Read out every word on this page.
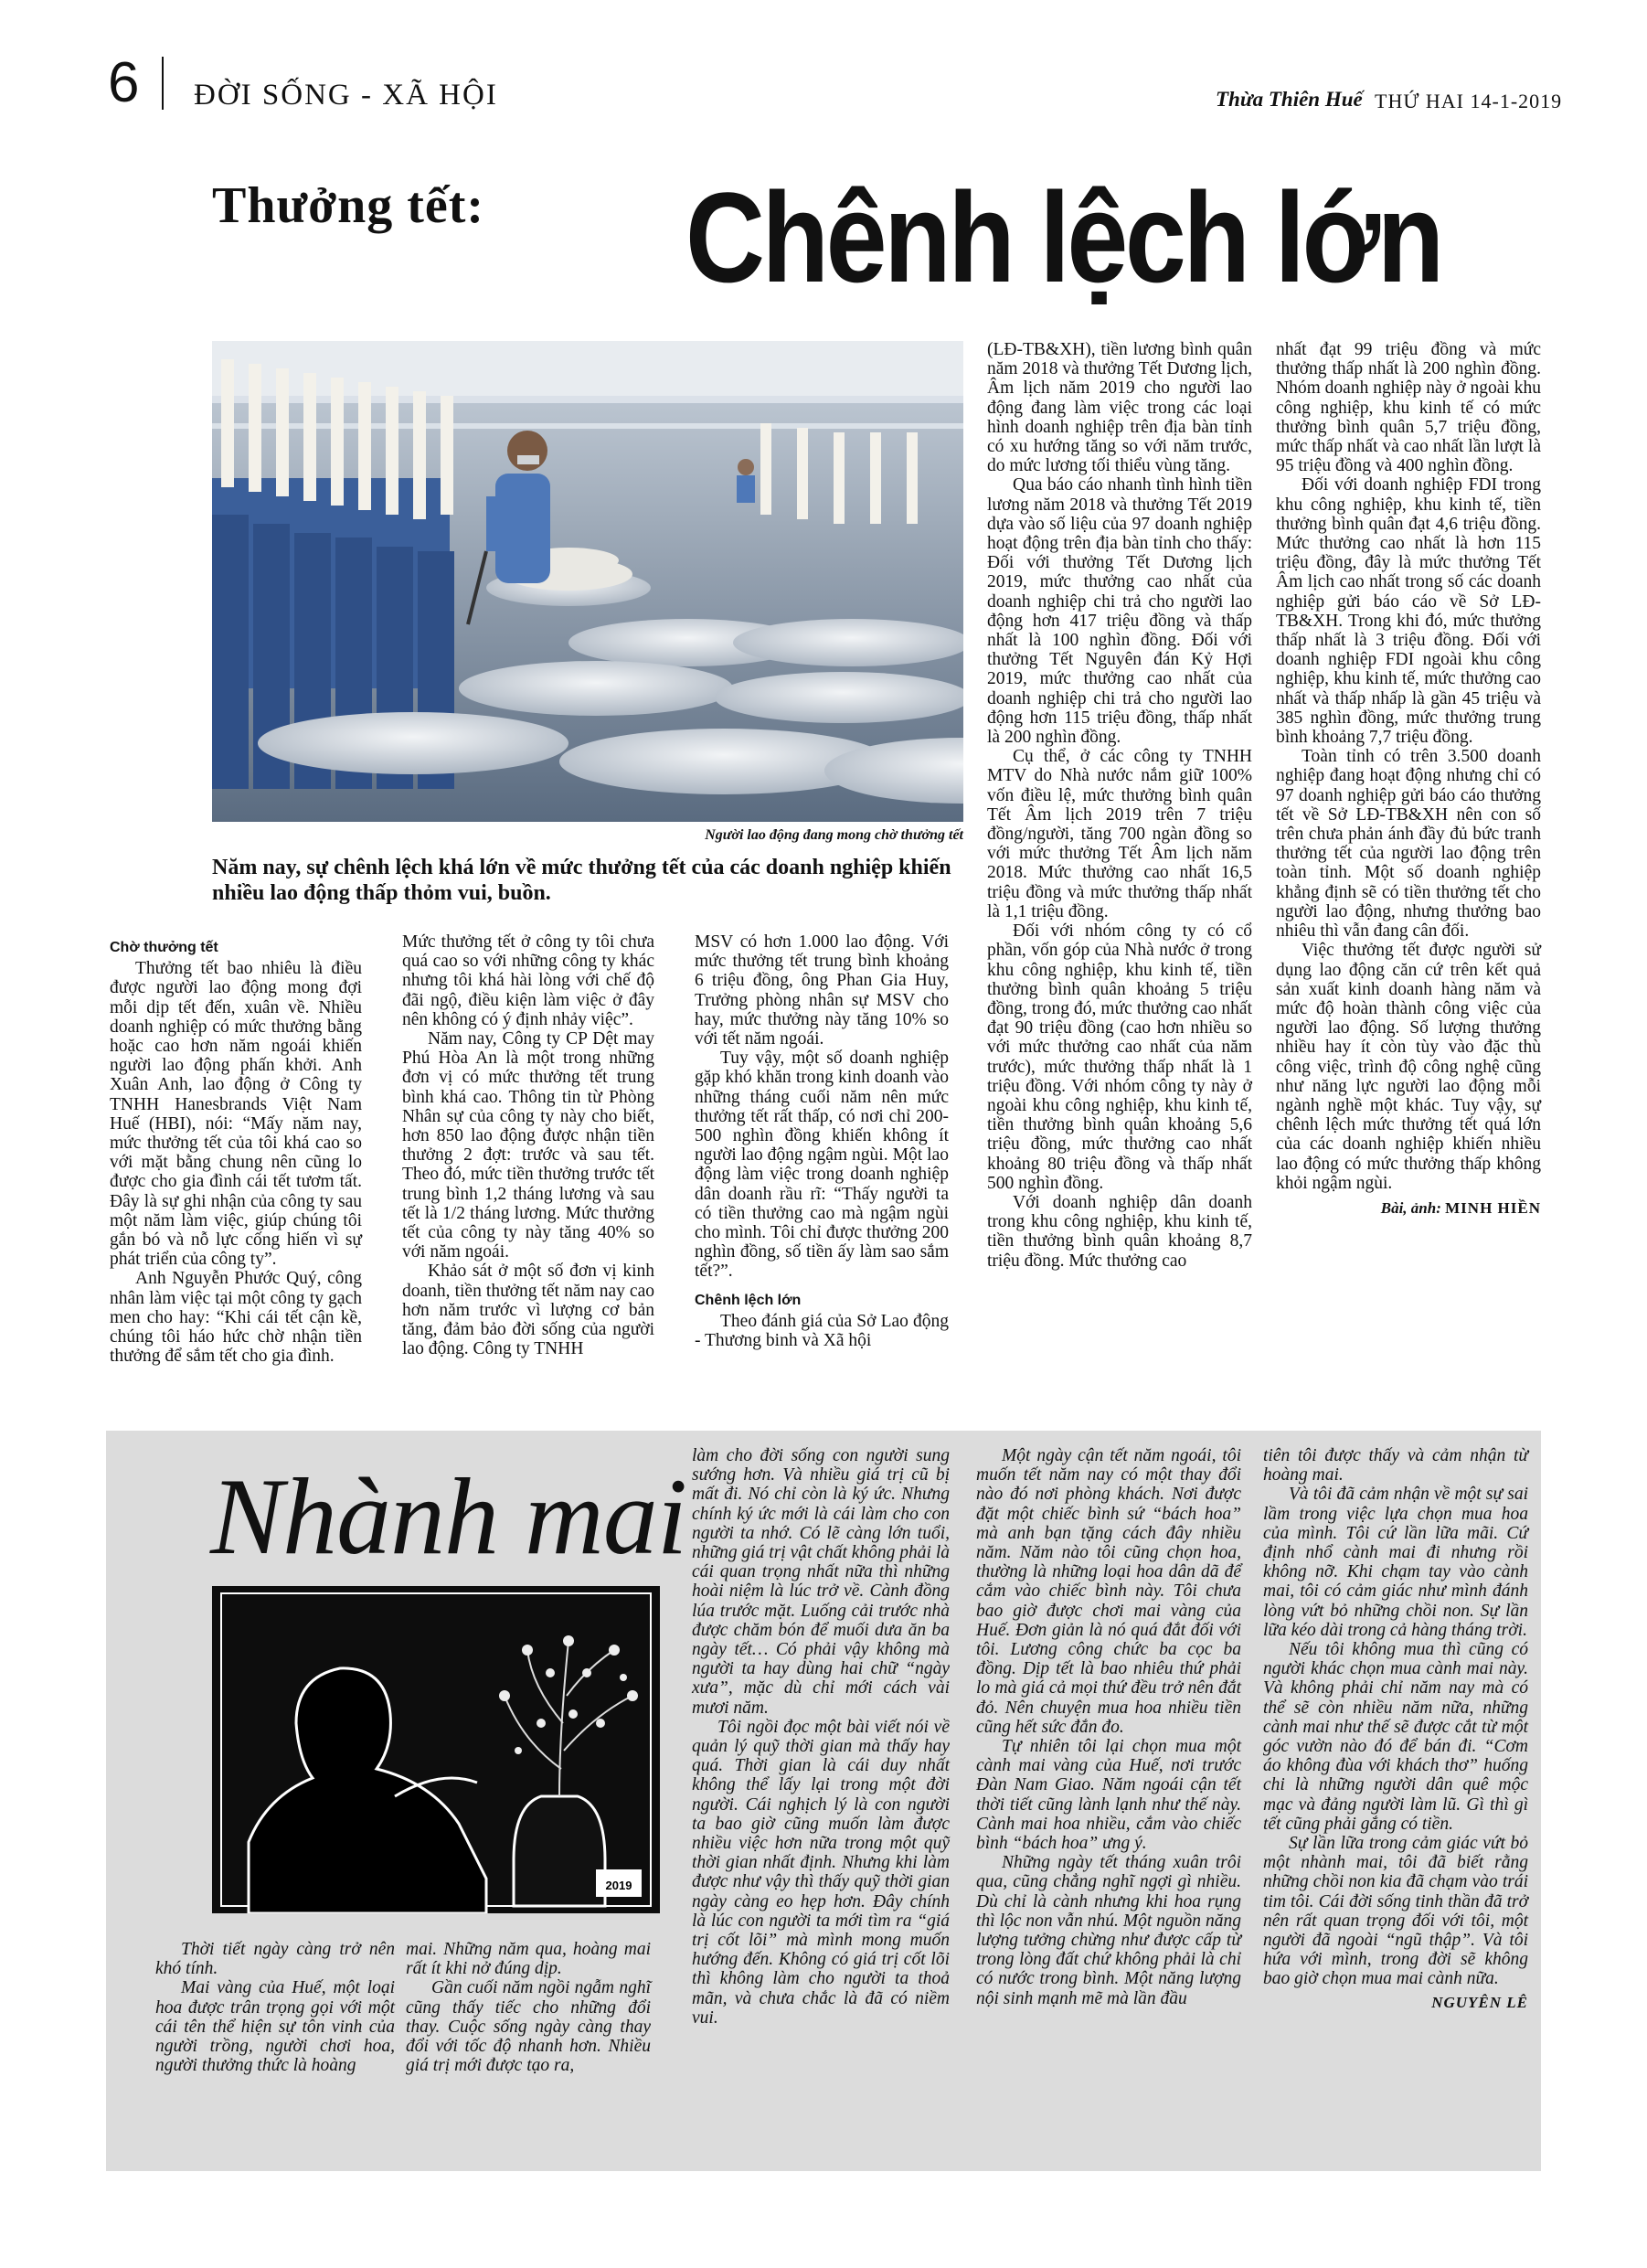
6 ĐỜI SỐNG - XÃ HỘI	Thừa Thiên Huế THỨ HAI 14-1-2019
Thưởng tết: Chênh lệch lớn
Người lao động đang mong chờ thưởng tết
Năm nay, sự chênh lệch khá lớn về mức thưởng tết của các doanh nghiệp khiến nhiều lao động thấp thỏm vui, buồn.
Chờ thưởng tết

Thưởng tết bao nhiêu là điều được người lao động mong đợi mỗi dịp tết đến, xuân về. Nhiều doanh nghiệp có mức thưởng bằng hoặc cao hơn năm ngoái khiến người lao động phấn khởi. Anh Xuân Anh, lao động ở Công ty TNHH Hanesbrands Việt Nam Huế (HBI), nói: “Mấy năm nay, mức thưởng tết của tôi khá cao so với mặt bằng chung nên cũng lo được cho gia đình cái tết tươm tất. Đây là sự ghi nhận của công ty sau một năm làm việc, giúp chúng tôi gắn bó và nỗ lực cống hiến vì sự phát triển của công ty”.

Anh Nguyễn Phước Quý, công nhân làm việc tại một công ty gạch men cho hay: “Khi cái tết cận kề, chúng tôi háo hức chờ nhận tiền thưởng để sắm tết cho gia đình.

Mức thưởng tết ở công ty tôi chưa quá cao so với những công ty khác nhưng tôi khá hài lòng với chế độ đãi ngộ, điều kiện làm việc ở đây nên không có ý định nhảy việc”.

Năm nay, Công ty CP Dệt may Phú Hòa An là một trong những đơn vị có mức thưởng tết trung bình khá cao. Thông tin từ Phòng Nhân sự của công ty này cho biết, hơn 850 lao động được nhận tiền thưởng 2 đợt: trước và sau tết. Theo đó, mức tiền thưởng trước tết trung bình 1,2 tháng lương và sau tết là 1/2 tháng lương. Mức thưởng tết của công ty này tăng 40% so với năm ngoái.

Khảo sát ở một số đơn vị kinh doanh, tiền thưởng tết năm nay cao hơn năm trước vì lượng cơ bản tăng, đảm bảo đời sống của người lao động. Công ty TNHH

MSV có hơn 1.000 lao động. Với mức thưởng tết trung bình khoảng 6 triệu đồng, ông Phan Gia Huy, Trưởng phòng nhân sự MSV cho hay, mức thưởng này tăng 10% so với tết năm ngoái.

Tuy vậy, một số doanh nghiệp gặp khó khăn trong kinh doanh vào những tháng cuối năm nên mức thưởng tết rất thấp, có nơi chỉ 200-500 nghìn đồng khiến không ít người lao động ngậm ngùi. Một lao động làm việc trong doanh nghiệp dân doanh rầu rĩ: “Thấy người ta có tiền thưởng cao mà ngậm ngùi cho mình. Tôi chỉ được thưởng 200 nghìn đồng, số tiền ấy làm sao sắm tết?”.

Chênh lệch lớn

Theo đánh giá của Sở Lao động - Thương binh và Xã hội

(LĐ-TB&XH), tiền lương bình quân năm 2018 và thưởng Tết Dương lịch, Âm lịch năm 2019 cho người lao động đang làm việc trong các loại hình doanh nghiệp trên địa bàn tỉnh có xu hướng tăng so với năm trước, do mức lương tối thiểu vùng tăng.

Qua báo cáo nhanh tình hình tiền lương năm 2018 và thưởng Tết 2019 dựa vào số liệu của 97 doanh nghiệp hoạt động trên địa bàn tỉnh cho thấy: Đối với thưởng Tết Dương lịch 2019, mức thưởng cao nhất của doanh nghiệp chi trả cho người lao động hơn 417 triệu đồng và thấp nhất là 100 nghìn đồng. Đối với thưởng Tết Nguyên đán Kỷ Hợi 2019, mức thưởng cao nhất của doanh nghiệp chi trả cho người lao động hơn 115 triệu đồng, thấp nhất là 200 nghìn đồng.

Cụ thể, ở các công ty TNHH MTV do Nhà nước nắm giữ 100% vốn điều lệ, mức thưởng bình quân Tết Âm lịch 2019 trên 7 triệu đồng/người, tăng 700 ngàn đồng so với mức thưởng Tết Âm lịch năm 2018. Mức thưởng cao nhất 16,5 triệu đồng và mức thưởng thấp nhất là 1,1 triệu đồng.

Đối với nhóm công ty có cổ phần, vốn góp của Nhà nước ở trong khu công nghiệp, khu kinh tế, tiền thưởng bình quân khoảng 5 triệu đồng, trong đó, mức thưởng cao nhất đạt 90 triệu đồng (cao hơn nhiều so với mức thưởng cao nhất của năm trước), mức thưởng thấp nhất là 1 triệu đồng. Với nhóm công ty này ở ngoài khu công nghiệp, khu kinh tế, tiền thưởng bình quân khoảng 5,6 triệu đồng, mức thưởng cao nhất khoảng 80 triệu đồng và thấp nhất 500 nghìn đồng.

Với doanh nghiệp dân doanh trong khu công nghiệp, khu kinh tế, tiền thưởng bình quân khoảng 8,7 triệu đồng. Mức thưởng cao

nhất đạt 99 triệu đồng và mức thưởng thấp nhất là 200 nghìn đồng. Nhóm doanh nghiệp này ở ngoài khu công nghiệp, khu kinh tế có mức thưởng bình quân 5,7 triệu đồng, mức thấp nhất và cao nhất lần lượt là 95 triệu đồng và 400 nghìn đồng.

Đối với doanh nghiệp FDI trong khu công nghiệp, khu kinh tế, tiền thưởng bình quân đạt 4,6 triệu đồng. Mức thưởng cao nhất là hơn 115 triệu đồng, đây là mức thưởng Tết Âm lịch cao nhất trong số các doanh nghiệp gửi báo cáo về Sở LĐ-TB&XH. Trong khi đó, mức thưởng thấp nhất là 3 triệu đồng. Đối với doanh nghiệp FDI ngoài khu công nghiệp, khu kinh tế, mức thưởng cao nhất và thấp nhấp là gần 45 triệu và 385 nghìn đồng, mức thưởng trung bình khoảng 7,7 triệu đồng.

Toàn tỉnh có trên 3.500 doanh nghiệp đang hoạt động nhưng chỉ có 97 doanh nghiệp gửi báo cáo thưởng tết về Sở LĐ-TB&XH nên con số trên chưa phản ánh đầy đủ bức tranh thưởng tết của người lao động trên toàn tỉnh. Một số doanh nghiệp khẳng định sẽ có tiền thưởng tết cho người lao động, nhưng thưởng bao nhiêu thì vẫn đang cân đối.

Việc thưởng tết được người sử dụng lao động căn cứ trên kết quả sản xuất kinh doanh hàng năm và mức độ hoàn thành công việc của người lao động. Số lượng thưởng nhiều hay ít còn tùy vào đặc thù công việc, trình độ công nghệ cũng như năng lực người lao động mỗi ngành nghề một khác. Tuy vậy, sự chênh lệch mức thưởng tết quá lớn của các doanh nghiệp khiến nhiều lao động có mức thưởng thấp không khỏi ngậm ngùi.

Bài, ảnh: MINH HIỀN
Nhành mai
2019

Thời tiết ngày càng trở nên khó tính.

Mai vàng của Huế, một loại hoa được trân trọng gọi với một cái tên thể hiện sự tôn vinh của người trồng, người chơi hoa, người thưởng thức là hoàng

mai. Những năm qua, hoàng mai rất ít khi nở đúng dịp.

Gần cuối năm ngồi ngẫm nghĩ cũng thấy tiếc cho những đổi thay. Cuộc sống ngày càng thay đổi với tốc độ nhanh hơn. Nhiều giá trị mới được tạo ra,

làm cho đời sống con người sung sướng hơn. Và nhiều giá trị cũ bị mất đi. Nó chỉ còn là ký ức. Nhưng chính ký ức mới là cái làm cho con người ta nhớ. Có lẽ càng lớn tuổi, những giá trị vật chất không phải là cái quan trọng nhất nữa thì những hoài niệm là lúc trở về. Cành đồng lúa trước mặt. Luống cải trước nhà được chăm bón để muối dưa ăn ba ngày tết… Có phải vậy không mà người ta hay dùng hai chữ “ngày xưa”, mặc dù chỉ mới cách vài mươi năm.

Tôi ngồi đọc một bài viết nói về quản lý quỹ thời gian mà thấy hay quá. Thời gian là cái duy nhất không thể lấy lại trong một đời người. Cái nghịch lý là con người ta bao giờ cũng muốn làm được nhiều việc hơn nữa trong một quỹ thời gian nhất định. Nhưng khi làm được như vậy thì thấy quỹ thời gian ngày càng eo hẹp hơn. Đây chính là lúc con người ta mới tìm ra “giá trị cốt lõi” mà mình mong muốn hướng đến. Không có giá trị cốt lõi thì không làm cho người ta thoả mãn, và chưa chắc là đã có niềm vui.

Một ngày cận tết năm ngoái, tôi muốn tết năm nay có một thay đổi nào đó nơi phòng khách. Nơi được đặt một chiếc bình sứ “bách hoa” mà anh bạn tặng cách đây nhiều năm. Năm nào tôi cũng chọn hoa, thường là những loại hoa dân dã để cắm vào chiếc bình này. Tôi chưa bao giờ được chơi mai vàng của Huế. Đơn giản là nó quá đắt đối với tôi. Lương công chức ba cọc ba đồng. Dịp tết là bao nhiêu thứ phải lo mà giá cả mọi thứ đều trở nên đắt đỏ. Nên chuyện mua hoa nhiều tiền cũng hết sức đắn đo.

Tự nhiên tôi lại chọn mua một cành mai vàng của Huế, nơi trước Đàn Nam Giao. Năm ngoái cận tết thời tiết cũng lành lạnh như thế này. Cành mai hoa nhiều, cắm vào chiếc bình “bách hoa” ưng ý.

Những ngày tết tháng xuân trôi qua, cũng chẳng nghĩ ngợi gì nhiều. Dù chỉ là cành nhưng khi hoa rụng thì lộc non vẫn nhú. Một nguồn năng lượng tưởng chừng như được cấp từ trong lòng đất chứ không phải là chỉ có nước trong bình. Một năng lượng nội sinh mạnh mẽ mà lần đầu

tiên tôi được thấy và cảm nhận từ hoàng mai.

Và tôi đã cảm nhận về một sự sai lầm trong việc lựa chọn mua hoa của mình. Tôi cứ lần lữa mãi. Cứ định nhổ cành mai đi nhưng rồi không nỡ. Khi chạm tay vào cành mai, tôi có cảm giác như mình đánh lòng vứt bỏ những chồi non. Sự lần lữa kéo dài trong cả hàng tháng trời.

Nếu tôi không mua thì cũng có người khác chọn mua cành mai này. Và không phải chỉ năm nay mà có thể sẽ còn nhiều năm nữa, những cành mai như thế sẽ được cắt từ một góc vườn nào đó để bán đi. “Cơm áo không đùa với khách thơ” huống chi là những người dân quê mộc mạc và đảng người làm lũ. Gì thì gì tết cũng phải gắng có tiền.

Sự lần lữa trong cảm giác vứt bỏ một nhành mai, tôi đã biết rằng những chồi non kia đã chạm vào trái tim tôi. Cái đời sống tinh thần đã trở nên rất quan trọng đối với tôi, một người đã ngoài “ngũ thập”. Và tôi hứa với mình, trong đời sẽ không bao giờ chọn mua mai cành nữa.

NGUYÊN LÊ
